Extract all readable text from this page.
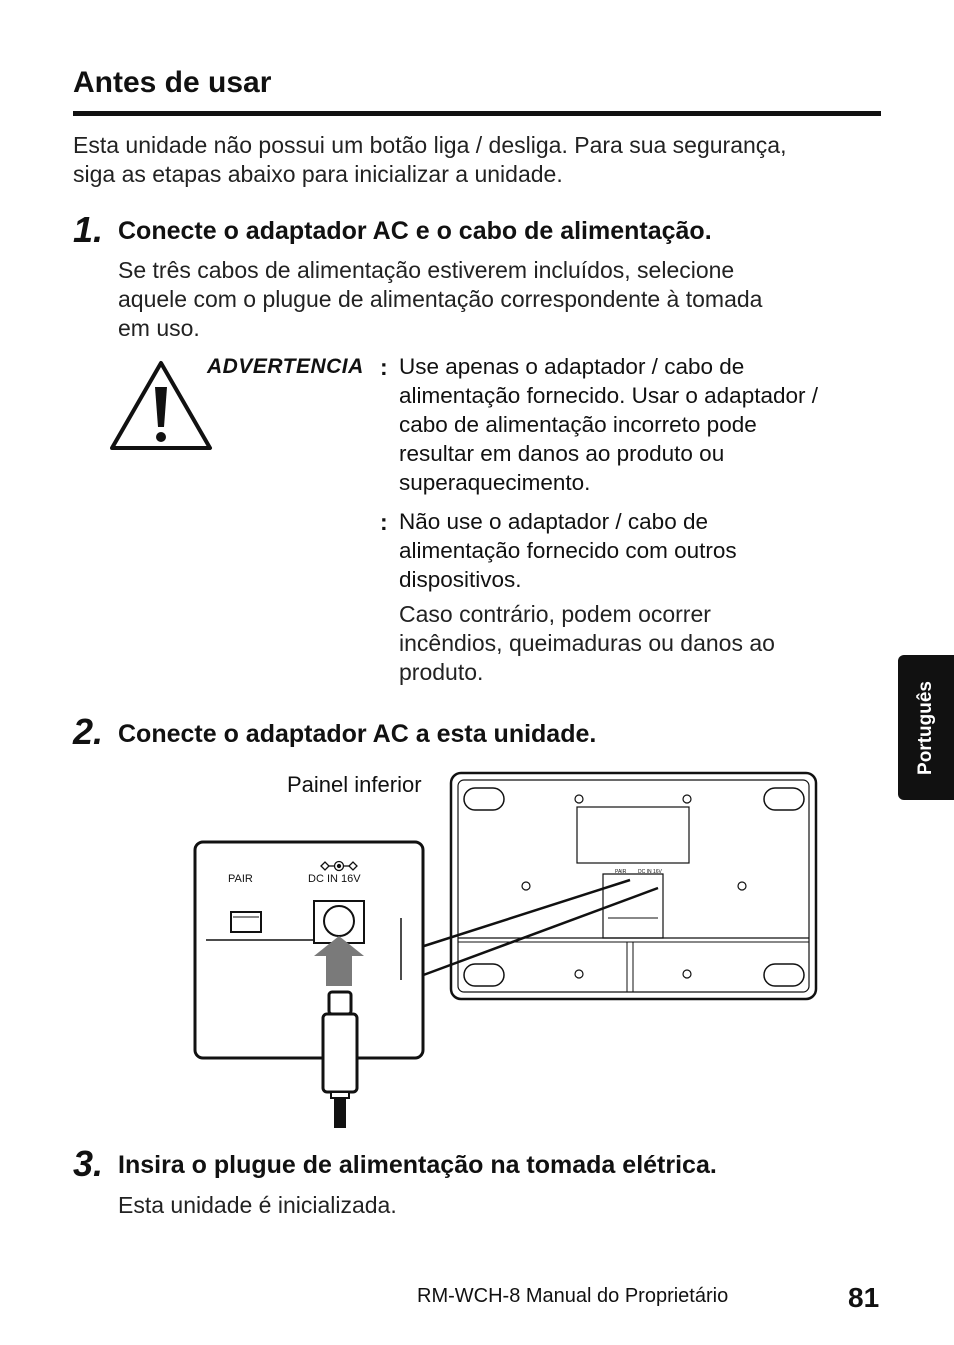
Antes de usar
Esta unidade não possui um botão liga / desliga. Para sua segurança,
siga as etapas abaixo para inicializar a unidade.
1. Conecte o adaptador AC e o cabo de alimentação.
Se três cabos de alimentação estiverem incluídos, selecione
aquele com o plugue de alimentação correspondente à tomada
em uso.
ADVERTENCIA : Use apenas o adaptador / cabo de
alimentação fornecido. Usar o adaptador /
cabo de alimentação incorreto pode
resultar em danos ao produto ou
superaquecimento.
: Não use o adaptador / cabo de
alimentação fornecido com outros
dispositivos.
Caso contrário, podem ocorrer
incêndios, queimaduras ou danos ao
produto.
2. Conecte o adaptador AC a esta unidade.
Painel inferior
PAIR DC IN 16V
PAIR	DC IN 16V
3. Insira o plugue de alimentação na tomada elétrica.
Esta unidade é inicializada.
Português
RM-WCH-8 Manual do Proprietário	81
